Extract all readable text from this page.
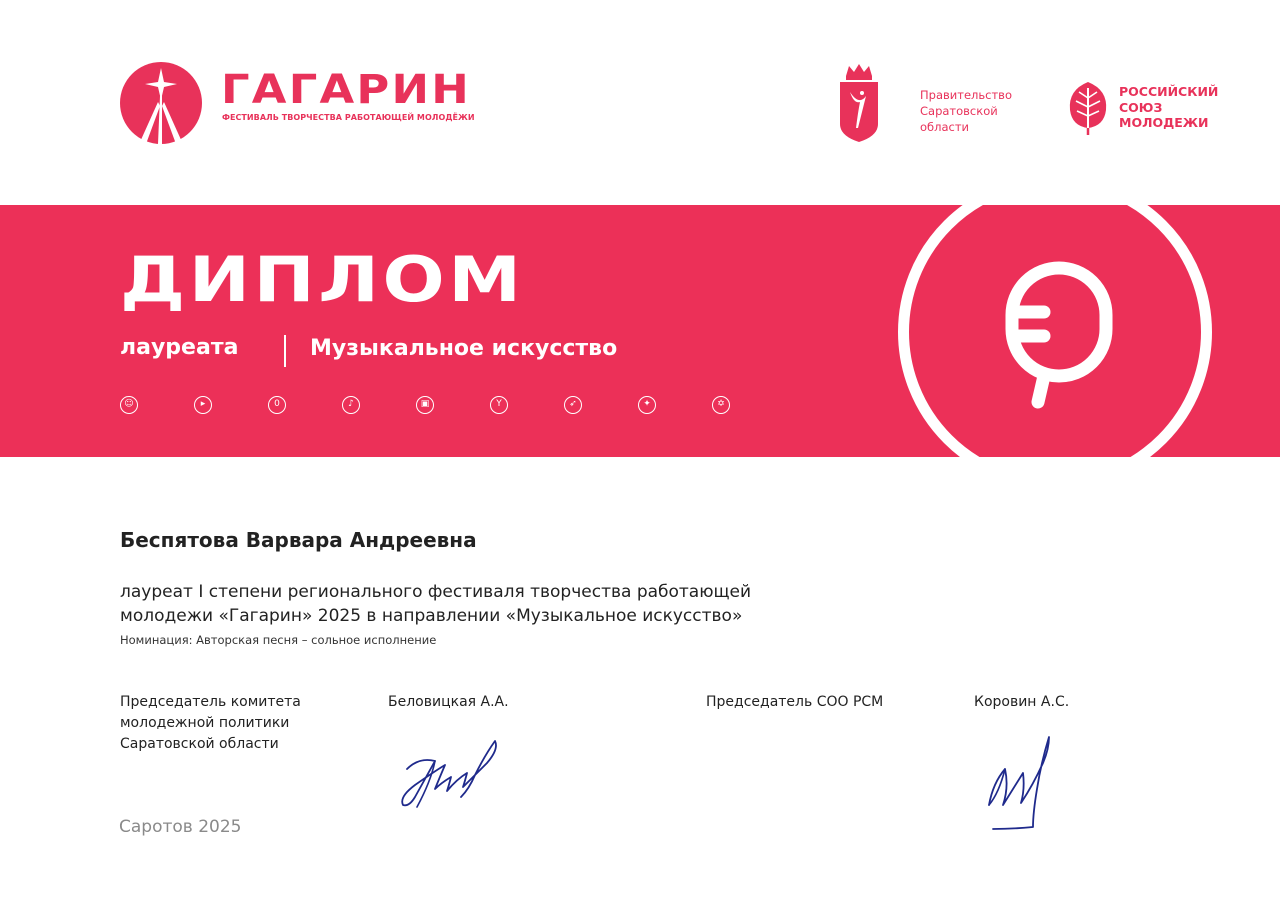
ГАГАРИН
ФЕСТИВАЛЬ ТВОРЧЕСТВА РАБОТАЮЩЕЙ МОЛОДЁЖИ
Правительство
Саратовской
области
РОССИЙСКИЙ
СОЮЗ
МОЛОДЕЖИ
ДИПЛОМ
лауреата	Музыкальное искусство
☺	▸	0	♪	▣	Y	➶	✦	✡
Беспятова Варвара Андреевна
лауреат I степени регионального фестиваля творчества работающей
молодежи «Гагарин» 2025 в направлении «Музыкальное искусство»
Номинация: Авторская песня – сольное исполнение
Председатель комитета
молодежной политики
Саратовской области
Беловицкая А.А.	Председатель СОО РСМ	Коровин А.С.
Саротов 2025
